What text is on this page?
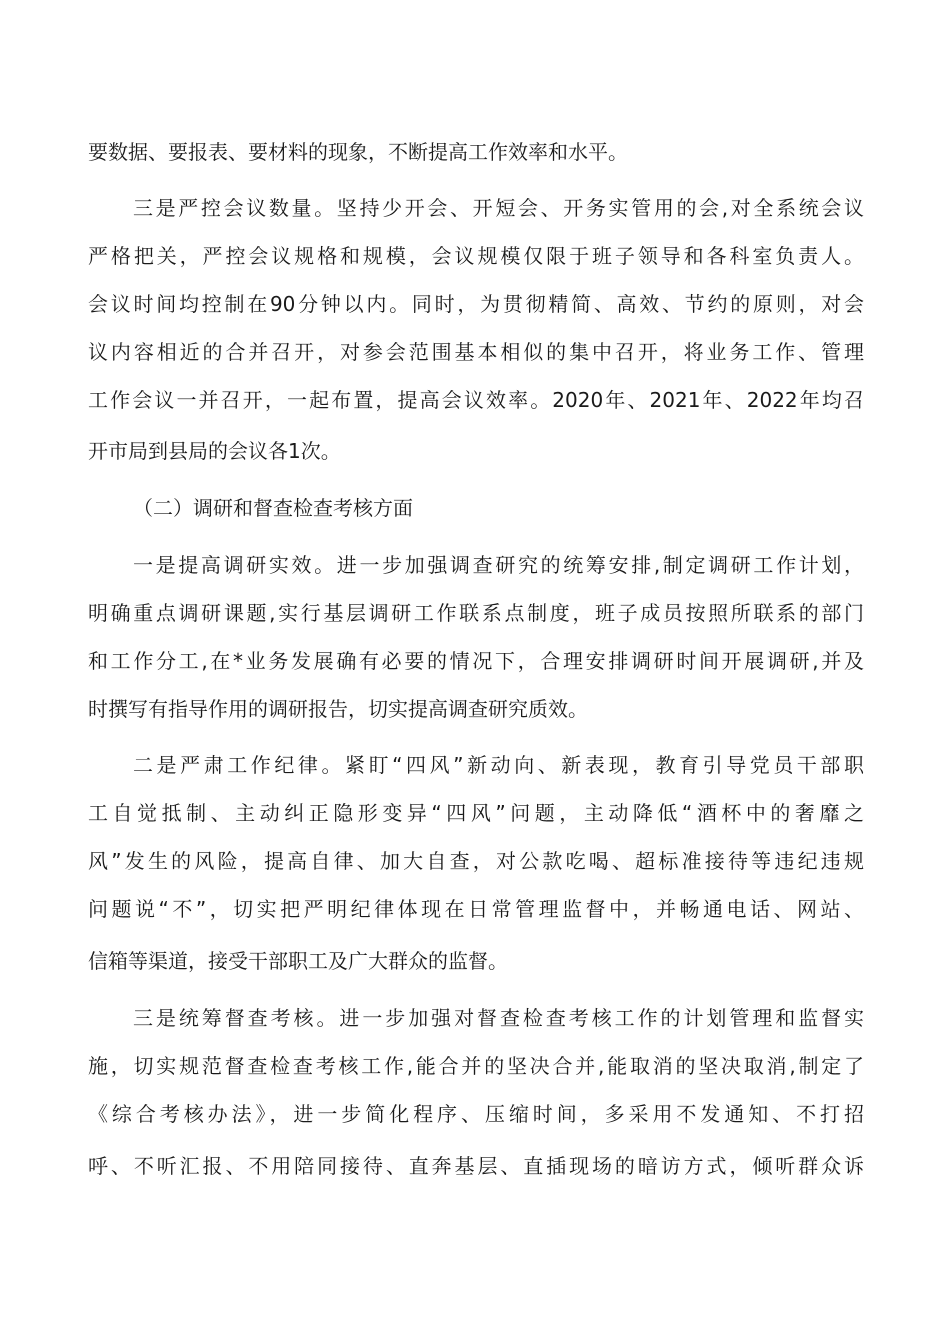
要数据、要报表、要材料的现象，不断提高工作效率和水平。
三是严控会议数量。坚持少开会、开短会、开务实管用的会,对全系统会议
严格把关，严控会议规格和规模，会议规模仅限于班子领导和各科室负责人。
会议时间均控制在90分钟以内。同时，为贯彻精简、高效、节约的原则，对会
议内容相近的合并召开，对参会范围基本相似的集中召开，将业务工作、管理
工作会议一并召开，一起布置，提高会议效率。2020年、2021年、2022年均召
开市局到县局的会议各1次。
（二）调研和督查检查考核方面
一是提高调研实效。进一步加强调查研究的统筹安排,制定调研工作计划，
明确重点调研课题,实行基层调研工作联系点制度，班子成员按照所联系的部门
和工作分工,在*业务发展确有必要的情况下，合理安排调研时间开展调研,并及
时撰写有指导作用的调研报告，切实提高调查研究质效。
二是严肃工作纪律。紧盯“四风”新动向、新表现，教育引导党员干部职
工自觉抵制、主动纠正隐形变异“四风”问题，主动降低“酒杯中的奢靡之
风”发生的风险，提高自律、加大自查，对公款吃喝、超标准接待等违纪违规
问题说“不”，切实把严明纪律体现在日常管理监督中，并畅通电话、网站、
信箱等渠道，接受干部职工及广大群众的监督。
三是统筹督查考核。进一步加强对督查检查考核工作的计划管理和监督实
施，切实规范督查检查考核工作,能合并的坚决合并,能取消的坚决取消,制定了
《综合考核办法》，进一步简化程序、压缩时间，多采用不发通知、不打招
呼、不听汇报、不用陪同接待、直奔基层、直插现场的暗访方式，倾听群众诉
